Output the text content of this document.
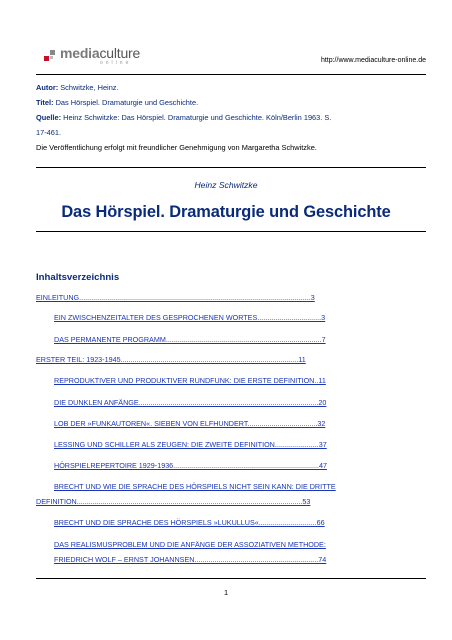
mediaculture
online	http://www.mediaculture-online.de
Autor: Schwitzke, Heinz.
Titel: Das Hörspiel. Dramaturgie und Geschichte.
Quelle: Heinz Schwitzke: Das Hörspiel. Dramaturgie und Geschichte. Köln/Berlin 1963. S.
17-461.
Die Veröffentlichung erfolgt mit freundlicher Genehmigung von Margaretha Schwitzke.
Heinz Schwitzke
Das Hörspiel. Dramaturgie und Geschichte
Inhaltsverzeichnis
EINLEITUNG....................................................................................................................3
EIN ZWISCHENZEITALTER DES GESPROCHENEN WORTES................................3
DAS PERMANENTE PROGRAMM..............................................................................7
ERSTER TEIL: 1923-1945.........................................................................................11
REPRODUKTIVER UND PRODUKTIVER RUNDFUNK: DIE ERSTE DEFINITION..11
DIE DUNKLEN ANFÄNGE..........................................................................................20
LOB DER »FUNKAUTOREN«. SIEBEN VON ELFHUNDERT...................................32
LESSING UND SCHILLER ALS ZEUGEN: DIE ZWEITE DEFINITION......................37
HÖRSPIELREPERTOIRE 1929-1936.........................................................................47
BRECHT UND WIE DIE SPRACHE DES HÖRSPIELS NICHT SEIN KANN: DIE DRITTE
DEFINITION.................................................................................................................53
BRECHT UND DIE SPRACHE DES HÖRSPIELS »LUKULLUS«.............................66
DAS REALISMUSPROBLEM UND DIE ANFÄNGE DER ASSOZIATIVEN METHODE:
FRIEDRICH WOLF – ERNST JOHANNSEN..............................................................74
1
